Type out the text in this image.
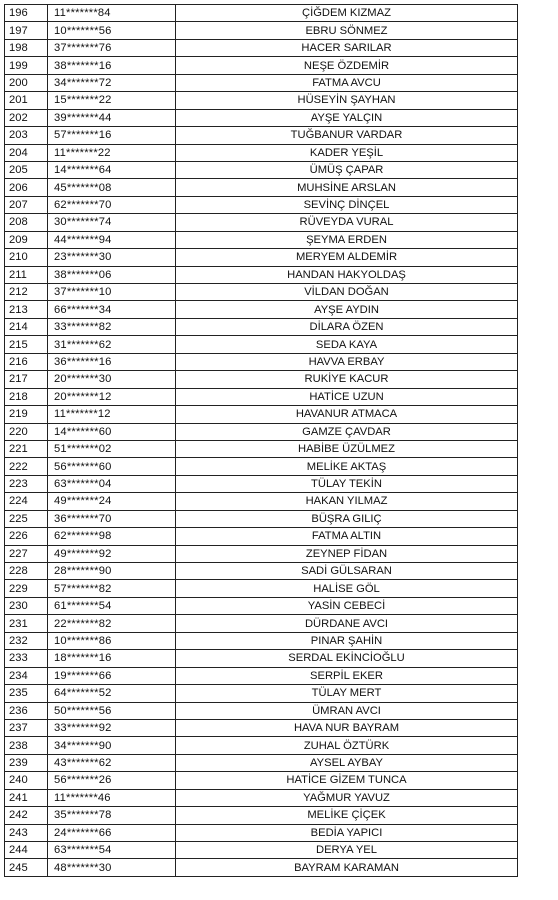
196	11*******84	ÇİĞDEM KIZMAZ
197	10*******56	EBRU SÖNMEZ
198	37*******76	HACER SARILAR
199	38*******16	NEŞE ÖZDEMİR
200	34*******72	FATMA AVCU
201	15*******22	HÜSEYİN ŞAYHAN
202	39*******44	AYŞE YALÇIN
203	57*******16	TUĞBANUR VARDAR
204	11*******22	KADER YEŞİL
205	14*******64	ÜMÜŞ ÇAPAR
206	45*******08	MUHSİNE ARSLAN
207	62*******70	SEVİNÇ DİNÇEL
208	30*******74	RÜVEYDA VURAL
209	44*******94	ŞEYMA ERDEN
210	23*******30	MERYEM ALDEMİR
211	38*******06	HANDAN HAKYOLDAŞ
212	37*******10	VİLDAN DOĞAN
213	66*******34	AYŞE AYDIN
214	33*******82	DİLARA ÖZEN
215	31*******62	SEDA KAYA
216	36*******16	HAVVA ERBAY
217	20*******30	RUKİYE KACUR
218	20*******12	HATİCE UZUN
219	11*******12	HAVANUR ATMACA
220	14*******60	GAMZE ÇAVDAR
221	51*******02	HABİBE ÜZÜLMEZ
222	56*******60	MELİKE AKTAŞ
223	63*******04	TÜLAY TEKİN
224	49*******24	HAKAN YILMAZ
225	36*******70	BÜŞRA GILIÇ
226	62*******98	FATMA ALTIN
227	49*******92	ZEYNEP FİDAN
228	28*******90	SADİ GÜLSARAN
229	57*******82	HALİSE GÖL
230	61*******54	YASİN CEBECİ
231	22*******82	DÜRDANE AVCI
232	10*******86	PINAR ŞAHİN
233	18*******16	SERDAL EKİNCİOĞLU
234	19*******66	SERPİL EKER
235	64*******52	TÜLAY MERT
236	50*******56	ÜMRAN AVCI
237	33*******92	HAVA NUR BAYRAM
238	34*******90	ZUHAL ÖZTÜRK
239	43*******62	AYSEL AYBAY
240	56*******26	HATİCE GİZEM TUNCA
241	11*******46	YAĞMUR YAVUZ
242	35*******78	MELİKE ÇİÇEK
243	24*******66	BEDİA YAPICI
244	63*******54	DERYA YEL
245	48*******30	BAYRAM KARAMAN
